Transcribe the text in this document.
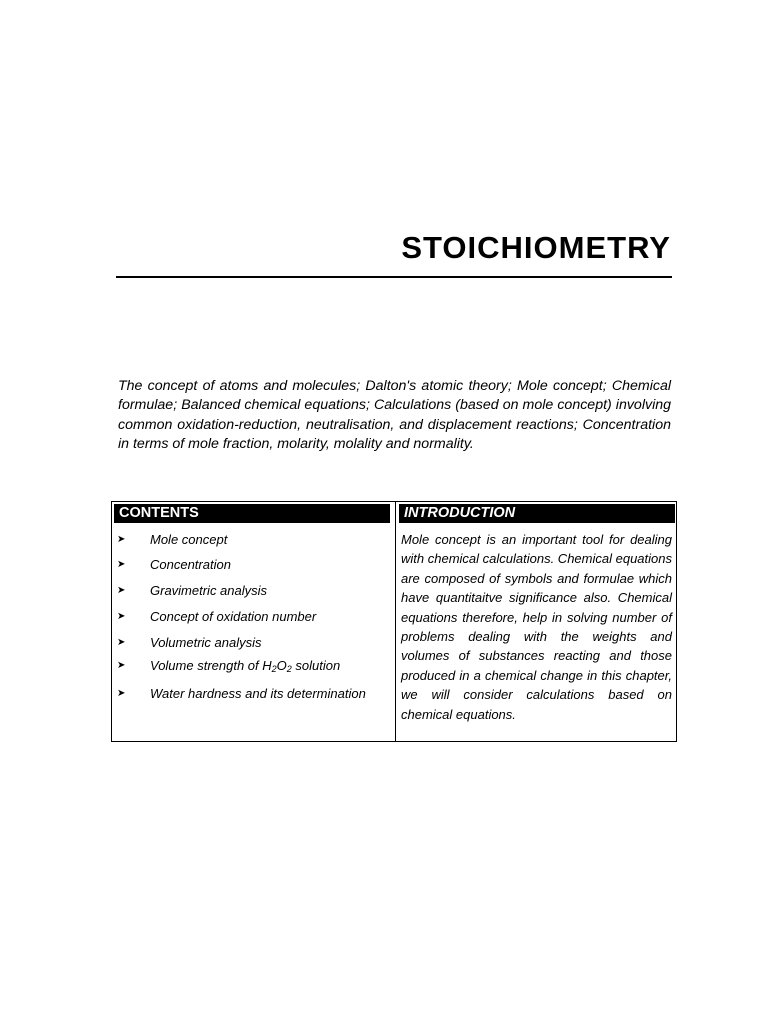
STOICHIOMETRY

The concept of atoms and molecules; Dalton's atomic theory; Mole concept; Chemical formulae; Balanced chemical equations; Calculations (based on mole concept) involving common oxidation-reduction, neutralisation, and displacement reactions; Concentration in terms of mole fraction, molarity, molality and normality.

CONTENTS	INTRODUCTION
➤ Mole concept
➤ Concentration
➤ Gravimetric analysis
➤ Concept of oxidation number
➤ Volumetric analysis
➤ Volume strength of $H_2O_2$ solution
➤ Water hardness and its determination

Mole concept is an important tool for dealing with chemical calculations. Chemical equations are composed of symbols and formulae which have quantitaitve significance also. Chemical equations therefore, help in solving number of problems dealing with the weights and volumes of substances reacting and those produced in a chemical change in this chapter, we will consider calculations based on chemical equations.
